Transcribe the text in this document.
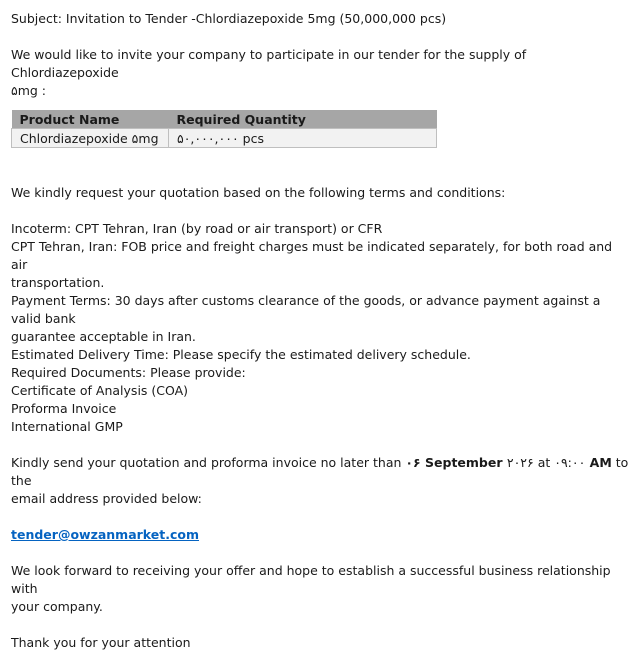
Subject: Invitation to Tender -Chlordiazepoxide 5mg (50,000,000 pcs)

We would like to invite your company to participate in our tender for the supply of Chlordiazepoxide

۵mg :

Product Name	Required Quantity
Chlordiazepoxide ۵mg	۵۰,۰۰۰,۰۰۰ pcs

We kindly request your quotation based on the following terms and conditions:

Incoterm: CPT Tehran, Iran (by road or air transport) or CFR

CPT Tehran, Iran: FOB price and freight charges must be indicated separately, for both road and air

transportation.

Payment Terms: 30 days after customs clearance of the goods, or advance payment against a valid bank

guarantee acceptable in Iran.

Estimated Delivery Time: Please specify the estimated delivery schedule.

Required Documents: Please provide:

Certificate of Analysis (COA)

Proforma Invoice

International GMP

Kindly send your quotation and proforma invoice no later than ۰۶ September ۲۰۲۶ at ۰۹:۰۰ AM to the

email address provided below:

tender@owzanmarket.com

We look forward to receiving your offer and hope to establish a successful business relationship with

your company.

Thank you for your attention
